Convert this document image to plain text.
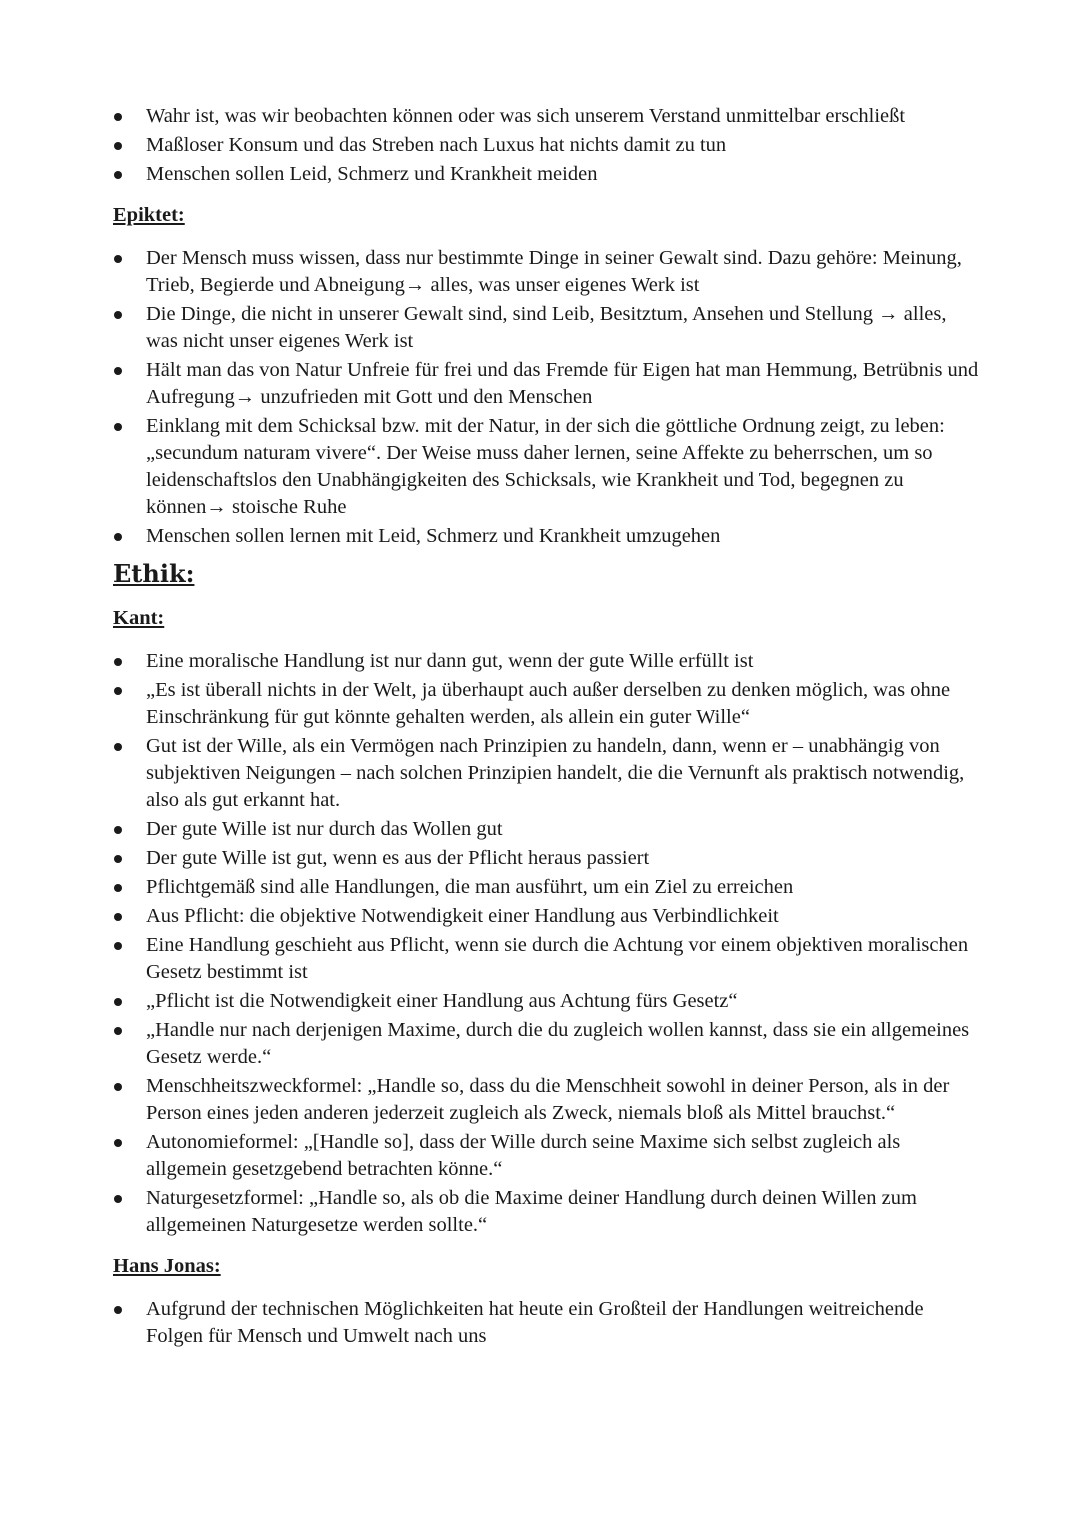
Wahr ist, was wir beobachten können oder was sich unserem Verstand unmittelbar erschließt
Maßloser Konsum und das Streben nach Luxus hat nichts damit zu tun
Menschen sollen Leid, Schmerz und Krankheit meiden
Epiktet:
Der Mensch muss wissen, dass nur bestimmte Dinge in seiner Gewalt sind. Dazu gehöre: Meinung, Trieb, Begierde und Abneigung→ alles, was unser eigenes Werk ist
Die Dinge, die nicht in unserer Gewalt sind, sind Leib, Besitztum, Ansehen und Stellung → alles, was nicht unser eigenes Werk ist
Hält man das von Natur Unfreie für frei und das Fremde für Eigen hat man Hemmung, Betrübnis und Aufregung→ unzufrieden mit Gott und den Menschen
Einklang mit dem Schicksal bzw. mit der Natur, in der sich die göttliche Ordnung zeigt, zu leben: „secundum naturam vivere“. Der Weise muss daher lernen, seine Affekte zu beherrschen, um so leidenschaftslos den Unabhängigkeiten des Schicksals, wie Krankheit und Tod, begegnen zu können→ stoische Ruhe
Menschen sollen lernen mit Leid, Schmerz und Krankheit umzugehen
Ethik:
Kant:
Eine moralische Handlung ist nur dann gut, wenn der gute Wille erfüllt ist
„Es ist überall nichts in der Welt, ja überhaupt auch außer derselben zu denken möglich, was ohne Einschränkung für gut könnte gehalten werden, als allein ein guter Wille“
Gut ist der Wille, als ein Vermögen nach Prinzipien zu handeln, dann, wenn er – unabhängig von subjektiven Neigungen – nach solchen Prinzipien handelt, die die Vernunft als praktisch notwendig, also als gut erkannt hat.
Der gute Wille ist nur durch das Wollen gut
Der gute Wille ist gut, wenn es aus der Pflicht heraus passiert
Pflichtgemäß sind alle Handlungen, die man ausführt, um ein Ziel zu erreichen
Aus Pflicht: die objektive Notwendigkeit einer Handlung aus Verbindlichkeit
Eine Handlung geschieht aus Pflicht, wenn sie durch die Achtung vor einem objektiven moralischen Gesetz bestimmt ist
„Pflicht ist die Notwendigkeit einer Handlung aus Achtung fürs Gesetz“
„Handle nur nach derjenigen Maxime, durch die du zugleich wollen kannst, dass sie ein allgemeines Gesetz werde.“
Menschheitszweckformel: „Handle so, dass du die Menschheit sowohl in deiner Person, als in der Person eines jeden anderen jederzeit zugleich als Zweck, niemals bloß als Mittel brauchst.“
Autonomieformel: „[Handle so], dass der Wille durch seine Maxime sich selbst zugleich als allgemein gesetzgebend betrachten könne.“
Naturgesetzformel: „Handle so, als ob die Maxime deiner Handlung durch deinen Willen zum allgemeinen Naturgesetze werden sollte.“
Hans Jonas:
Aufgrund der technischen Möglichkeiten hat heute ein Großteil der Handlungen weitreichende Folgen für Mensch und Umwelt nach uns
